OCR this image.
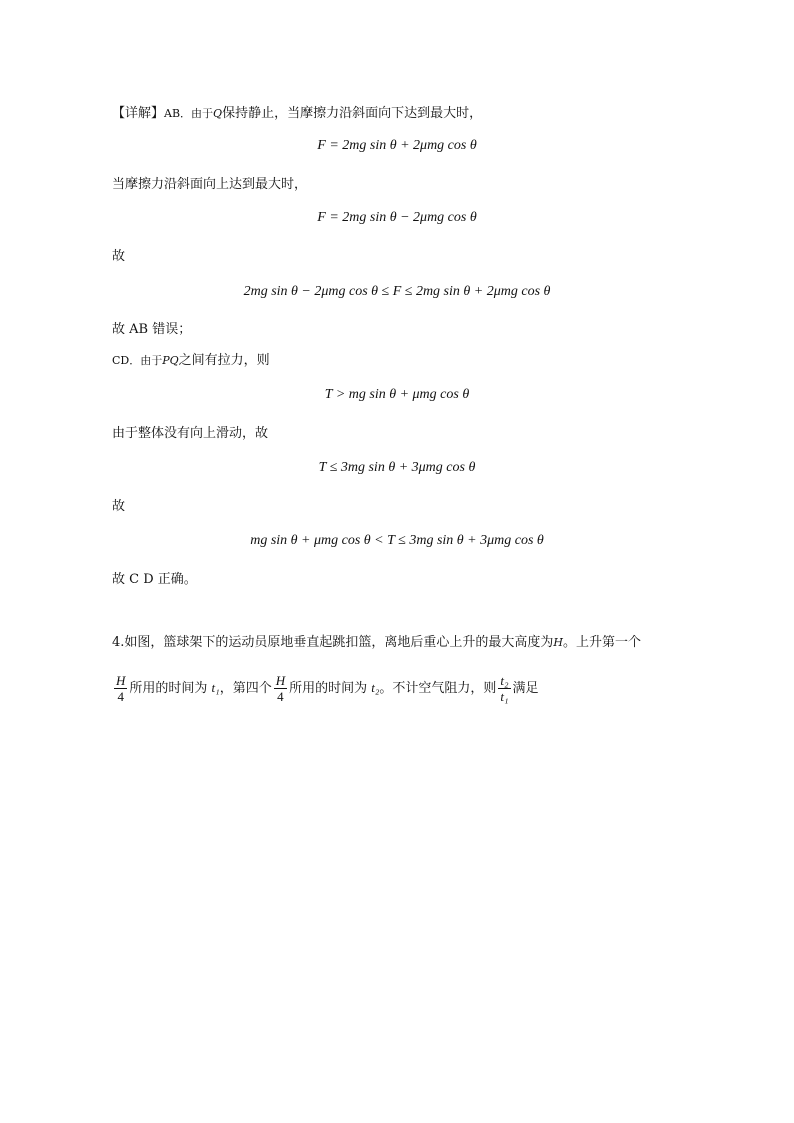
【详解】AB．由于Q保持静止，当摩擦力沿斜面向下达到最大时，
F = 2mg sin θ + 2μmg cos θ
当摩擦力沿斜面向上达到最大时，
F = 2mg sin θ − 2μmg cos θ
故
2mg sin θ − 2μmg cos θ ≤ F ≤ 2mg sin θ + 2μmg cos θ
故 AB 错误；
CD．由于PQ之间有拉力，则
T > mg sin θ + μmg cos θ
由于整体没有向上滑动，故
T ≤ 3mg sin θ + 3μmg cos θ
故
mg sin θ + μmg cos θ < T ≤ 3mg sin θ + 3μmg cos θ
故 C D 正确。
4.如图，篮球架下的运动员原地垂直起跳扣篮，离地后重心上升的最大高度为H。上升第一个
$\frac{H}{4}$ 所用的时间为 t₁，第四个 $\frac{H}{4}$ 所用的时间为 t₂。不计空气阻力，则 $\frac{\text{t₂}}{\text{t₁}}$ 满足
